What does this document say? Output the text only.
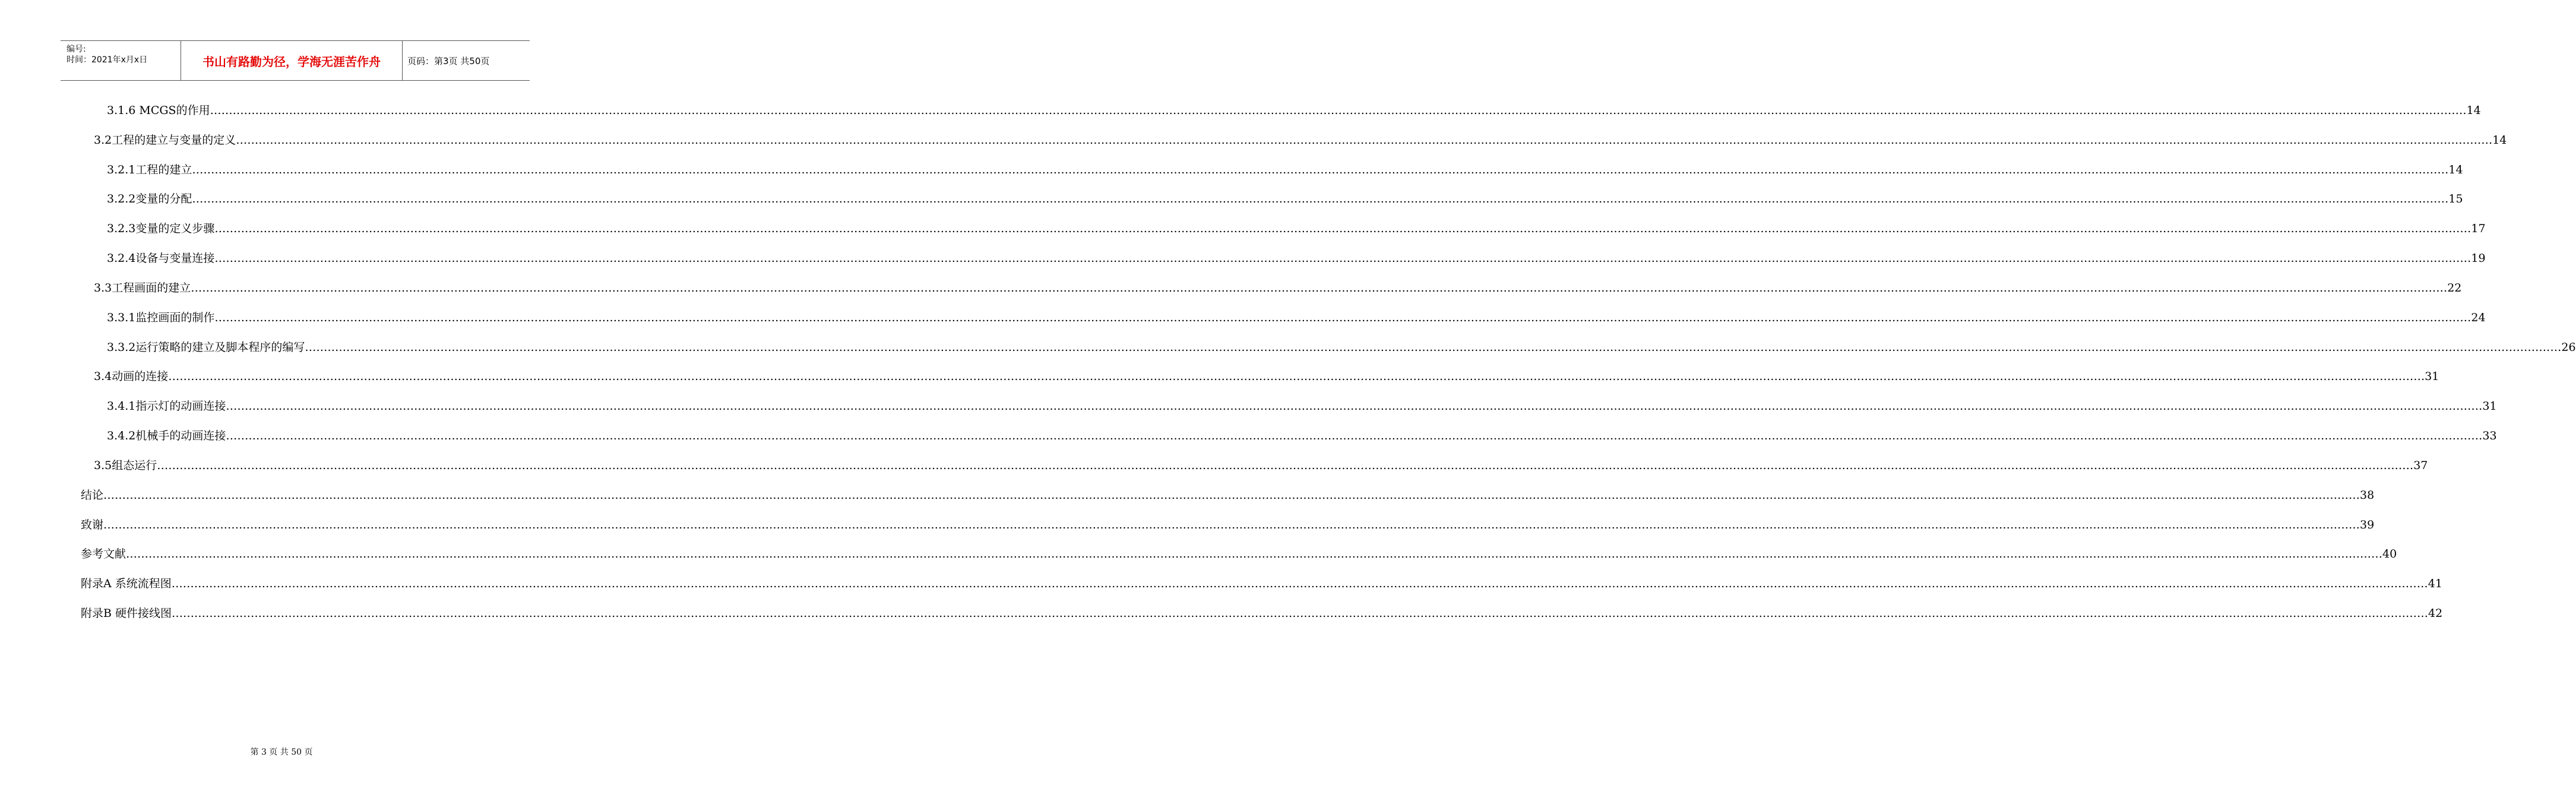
编号:
时间：2021年x月x日	书山有路勤为径，学海无涯苦作舟	页码：第3页 共50页
3.1.6 MCGS的作用 …………………………………………………………………………………………………………………………………………………………………………………………………………………………………………………………………………………………………………………………………………………………………………………………………………………………………………………………………………………………………………………………………………………… 14
3.2工程的建立与变量的定义 …………………………………………………………………………………………………………………………………………………………………………………………………………………………………………………………………………………………………………………………………………………………………………………………………………………………………………………………………………………………………………………………………………………… 14
3.2.1工程的建立 …………………………………………………………………………………………………………………………………………………………………………………………………………………………………………………………………………………………………………………………………………………………………………………………………………………………………………………………………………………………………………………………………………………… 14
3.2.2变量的分配 …………………………………………………………………………………………………………………………………………………………………………………………………………………………………………………………………………………………………………………………………………………………………………………………………………………………………………………………………………………………………………………………………………………… 15
3.2.3变量的定义步骤 …………………………………………………………………………………………………………………………………………………………………………………………………………………………………………………………………………………………………………………………………………………………………………………………………………………………………………………………………………………………………………………………………………………… 17
3.2.4设备与变量连接 …………………………………………………………………………………………………………………………………………………………………………………………………………………………………………………………………………………………………………………………………………………………………………………………………………………………………………………………………………………………………………………………………………………… 19
3.3工程画面的建立 …………………………………………………………………………………………………………………………………………………………………………………………………………………………………………………………………………………………………………………………………………………………………………………………………………………………………………………………………………………………………………………………………………………… 22
3.3.1监控画面的制作 …………………………………………………………………………………………………………………………………………………………………………………………………………………………………………………………………………………………………………………………………………………………………………………………………………………………………………………………………………………………………………………………………………………… 24
3.3.2运行策略的建立及脚本程序的编写 …………………………………………………………………………………………………………………………………………………………………………………………………………………………………………………………………………………………………………………………………………………………………………………………………………………………………………………………………………………………………………………………………………………… 26
3.4动画的连接 …………………………………………………………………………………………………………………………………………………………………………………………………………………………………………………………………………………………………………………………………………………………………………………………………………………………………………………………………………………………………………………………………………………… 31
3.4.1指示灯的动画连接 …………………………………………………………………………………………………………………………………………………………………………………………………………………………………………………………………………………………………………………………………………………………………………………………………………………………………………………………………………………………………………………………………………………… 31
3.4.2机械手的动画连接 …………………………………………………………………………………………………………………………………………………………………………………………………………………………………………………………………………………………………………………………………………………………………………………………………………………………………………………………………………………………………………………………………………………… 33
3.5组态运行 …………………………………………………………………………………………………………………………………………………………………………………………………………………………………………………………………………………………………………………………………………………………………………………………………………………………………………………………………………………………………………………………………………………… 37
结论 …………………………………………………………………………………………………………………………………………………………………………………………………………………………………………………………………………………………………………………………………………………………………………………………………………………………………………………………………………………………………………………………………………………… 38
致谢 …………………………………………………………………………………………………………………………………………………………………………………………………………………………………………………………………………………………………………………………………………………………………………………………………………………………………………………………………………………………………………………………………………………… 39
参考文献 …………………………………………………………………………………………………………………………………………………………………………………………………………………………………………………………………………………………………………………………………………………………………………………………………………………………………………………………………………………………………………………………………………………… 40
附录A 系统流程图 …………………………………………………………………………………………………………………………………………………………………………………………………………………………………………………………………………………………………………………………………………………………………………………………………………………………………………………………………………………………………………………………………………………… 41
附录B 硬件接线图 …………………………………………………………………………………………………………………………………………………………………………………………………………………………………………………………………………………………………………………………………………………………………………………………………………………………………………………………………………………………………………………………………………………… 42
第 3 页 共 50 页
